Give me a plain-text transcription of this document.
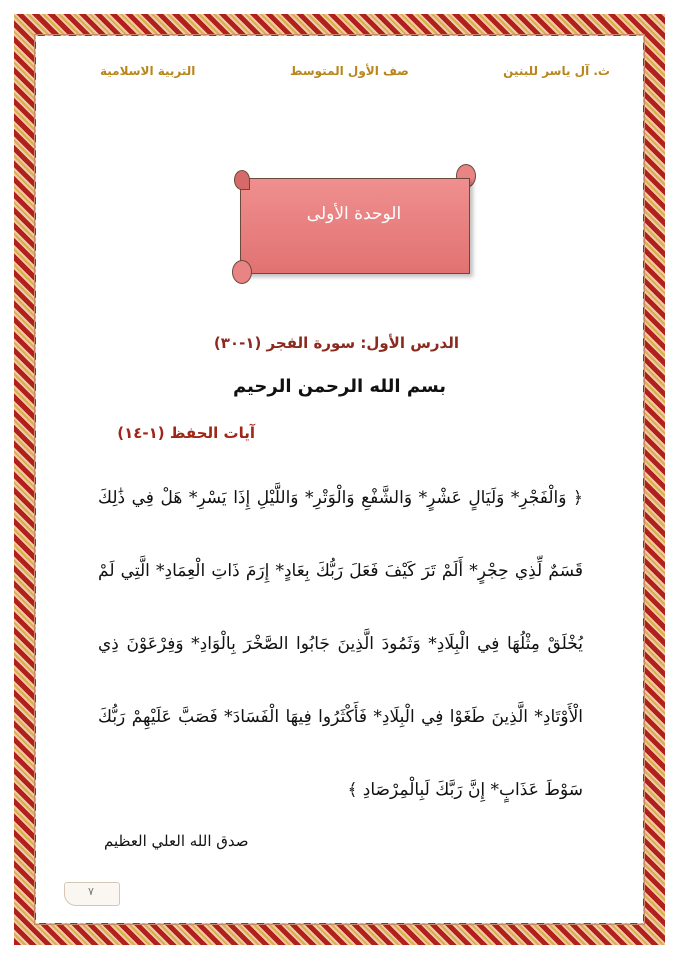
ث. آل ياسر للبنين
صف الأول المتوسط
التربية الاسلامية
الوحدة الأولى
الدرس الأول: سورة الفجر (١-٣٠)
بسم الله الرحمن الرحيم
آيات الحفظ (١-١٤)
﴿ وَالْفَجْرِ* وَلَيَالٍ عَشْرٍ* وَالشَّفْعِ وَالْوَتْرِ* وَاللَّيْلِ إِذَا يَسْرِ* هَلْ فِي ذَٰلِكَ قَسَمٌ لِّذِي حِجْرٍ* أَلَمْ تَرَ كَيْفَ فَعَلَ رَبُّكَ بِعَادٍ* إِرَمَ ذَاتِ الْعِمَادِ* الَّتِي لَمْ يُخْلَقْ مِثْلُهَا فِي الْبِلَادِ* وَثَمُودَ الَّذِينَ جَابُوا الصَّخْرَ بِالْوَادِ* وَفِرْعَوْنَ ذِي الْأَوْتَادِ* الَّذِينَ طَغَوْا فِي الْبِلَادِ* فَأَكْثَرُوا فِيهَا الْفَسَادَ* فَصَبَّ عَلَيْهِمْ رَبُّكَ سَوْطَ عَذَابٍ* إِنَّ رَبَّكَ لَبِالْمِرْصَادِ ﴾
صدق الله العلي العظيم
٧
